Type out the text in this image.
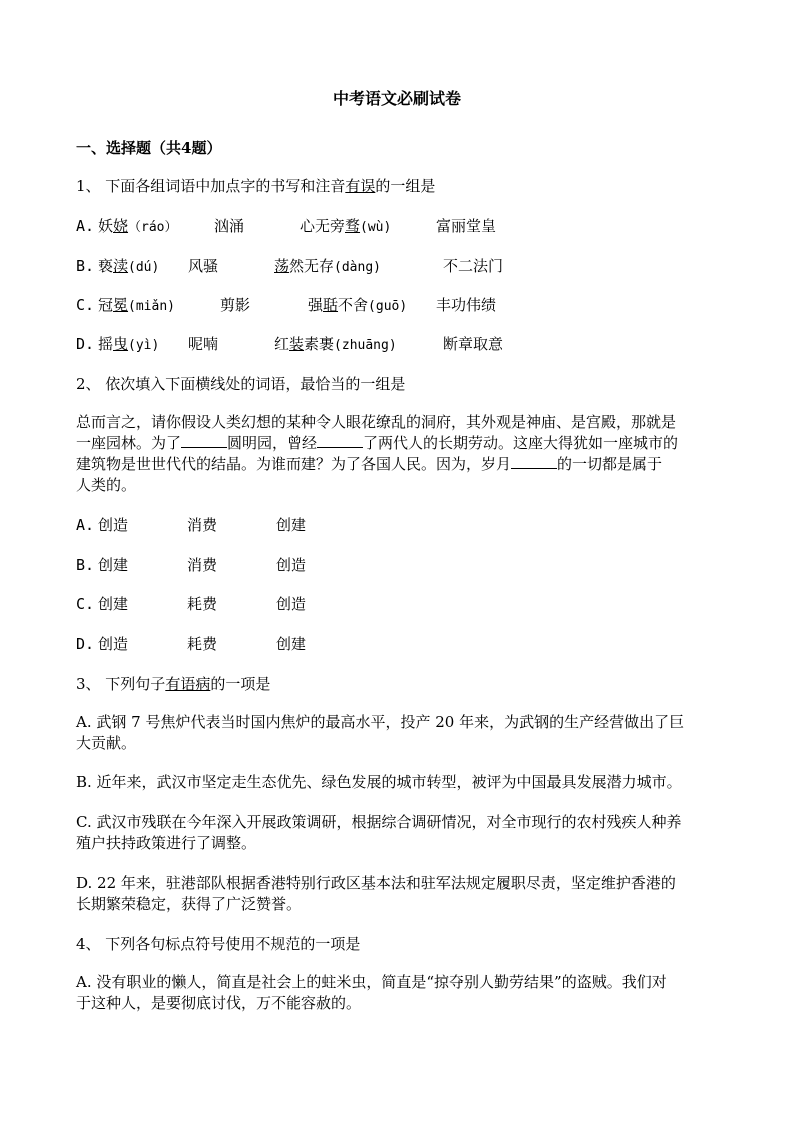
中考语文必刷试卷
一、选择题（共4题）
1、 下面各组词语中加点字的书写和注音有误的一组是
A. 妖娆（ráo） 汹涌	心无旁骛(wù)	富丽堂皇
B. 亵渎(dú) 风骚	荡然无存(dàng)	不二法门
C. 冠冕(miǎn)	剪影	强聒不舍(guō) 丰功伟绩
D. 摇曳(yì) 呢喃	红装素裹(zhuāng)	断章取意
2、 依次填入下面横线处的词语，最恰当的一组是
总而言之，请你假设人类幻想的某种令人眼花缭乱的洞府，其外观是神庙、是宫殿，那就是
一座园林。为了	圆明园，曾经	了两代人的长期劳动。这座大得犹如一座城市的
建筑物是世世代代的结晶。为谁而建？为了各国人民。因为，岁月	的一切都是属于
人类的。
A. 创造	消费	创建
B. 创建	消费	创造
C. 创建	耗费	创造
D. 创造	耗费	创建
3、 下列句子有语病的一项是
A. 武钢 7 号焦炉代表当时国内焦炉的最高水平，投产 20 年来，为武钢的生产经营做出了巨
大贡献。
B. 近年来，武汉市坚定走生态优先、绿色发展的城市转型，被评为中国最具发展潜力城市。
C. 武汉市残联在今年深入开展政策调研，根据综合调研情况，对全市现行的农村残疾人种养
殖户扶持政策进行了调整。
D. 22 年来，驻港部队根据香港特别行政区基本法和驻军法规定履职尽责，坚定维护香港的
长期繁荣稳定，获得了广泛赞誉。
4、 下列各句标点符号使用不规范的一项是
A. 没有职业的懒人，简直是社会上的蛀米虫，简直是“掠夺别人勤劳结果”的盗贼。我们对
于这种人，是要彻底讨伐，万不能容赦的。
